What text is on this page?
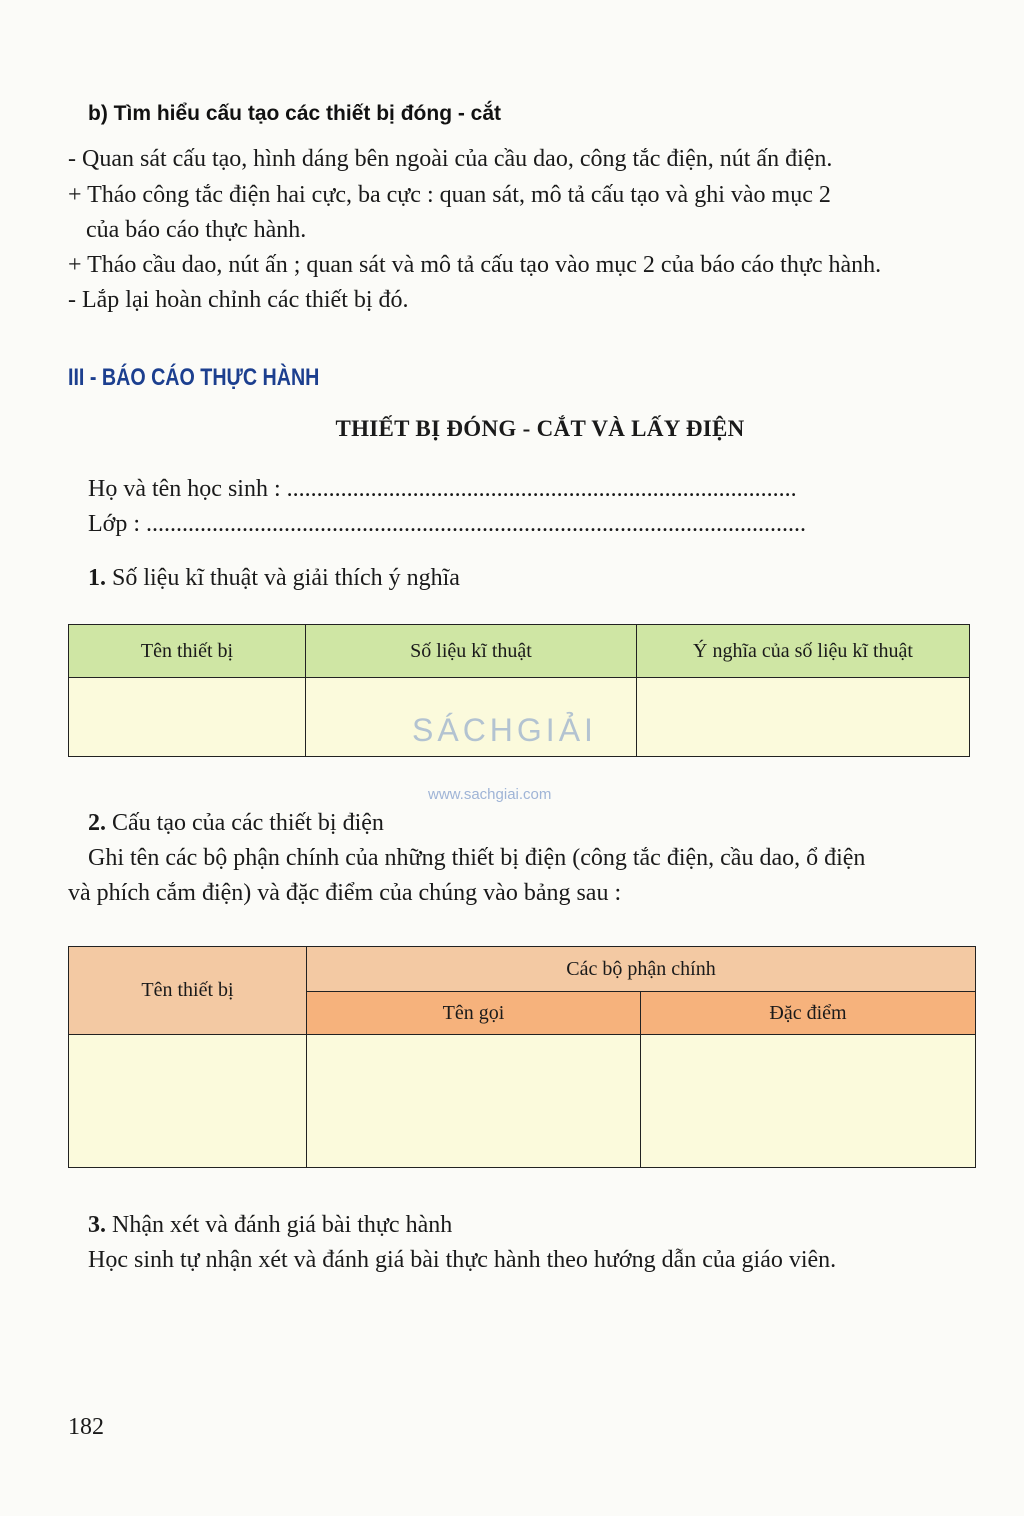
b) Tìm hiểu cấu tạo các thiết bị đóng - cắt
- Quan sát cấu tạo, hình dáng bên ngoài của cầu dao, công tắc điện, nút ấn điện.
+ Tháo công tắc điện hai cực, ba cực : quan sát, mô tả cấu tạo và ghi vào mục 2
của báo cáo thực hành.
+ Tháo cầu dao, nút ấn ; quan sát và mô tả cấu tạo vào mục 2 của báo cáo thực hành.
- Lắp lại hoàn chỉnh các thiết bị đó.
III - BÁO CÁO THỰC HÀNH
THIẾT BỊ ĐÓNG - CẮT VÀ LẤY ĐIỆN
Họ và tên học sinh : .....................................................................................
Lớp : ..............................................................................................................
1. Số liệu kĩ thuật và giải thích ý nghĩa
Tên thiết bị	Số liệu kĩ thuật	Ý nghĩa của số liệu kĩ thuật

SÁCHGIẢI
www.sachgiai.com
2. Cấu tạo của các thiết bị điện
Ghi tên các bộ phận chính của những thiết bị điện (công tắc điện, cầu dao, ổ điện
và phích cắm điện) và đặc điểm của chúng vào bảng sau :
Tên thiết bị	Các bộ phận chính	
	Tên gọi	Đặc điểm

3. Nhận xét và đánh giá bài thực hành
Học sinh tự nhận xét và đánh giá bài thực hành theo hướng dẫn của giáo viên.
182
